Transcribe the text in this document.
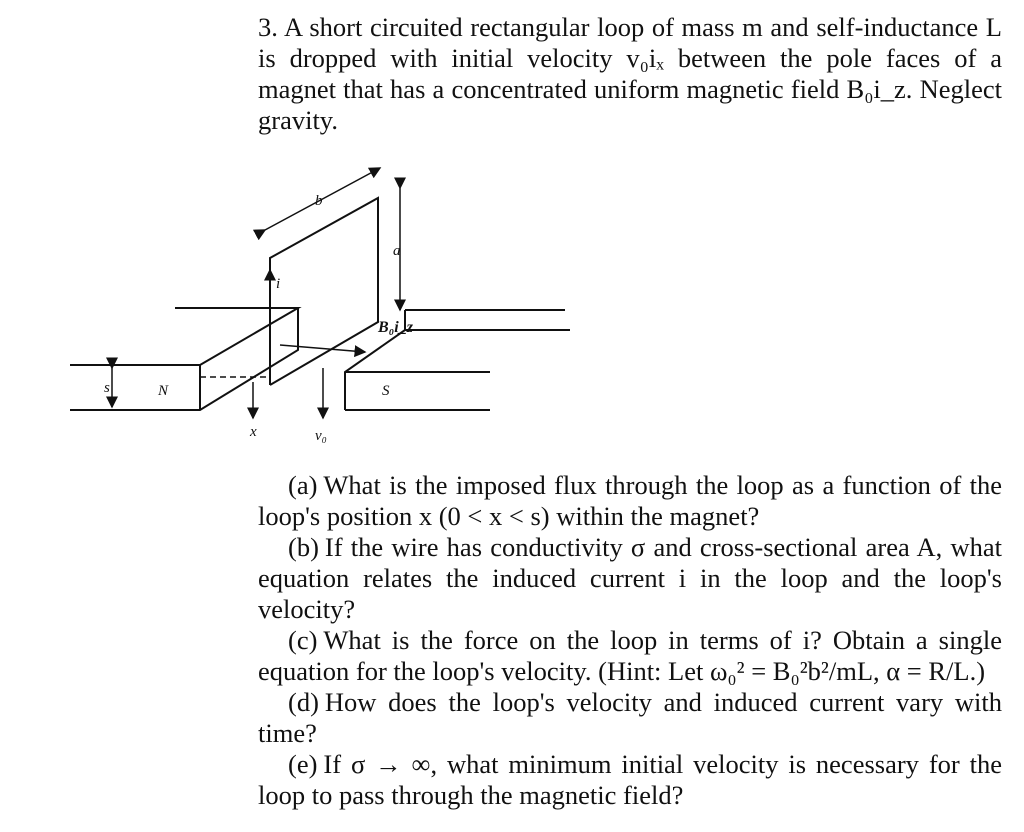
3. A short circuited rectangular loop of mass m and self-inductance L is dropped with initial velocity v₀iₓ between the pole faces of a magnet that has a concentrated uniform magnetic field B₀i_z. Neglect gravity.

b
a
i
B₀i_z
s	N	S
x	v₀

(a) What is the imposed flux through the loop as a function of the loop's position x (0 < x < s) within the magnet?

(b) If the wire has conductivity σ and cross-sectional area A, what equation relates the induced current i in the loop and the loop's velocity?

(c) What is the force on the loop in terms of i? Obtain a single equation for the loop's velocity. (Hint: Let ω₀² = B₀²b²/mL, α = R/L.)

(d) How does the loop's velocity and induced current vary with time?

(e) If σ → ∞, what minimum initial velocity is necessary for the loop to pass through the magnetic field?
